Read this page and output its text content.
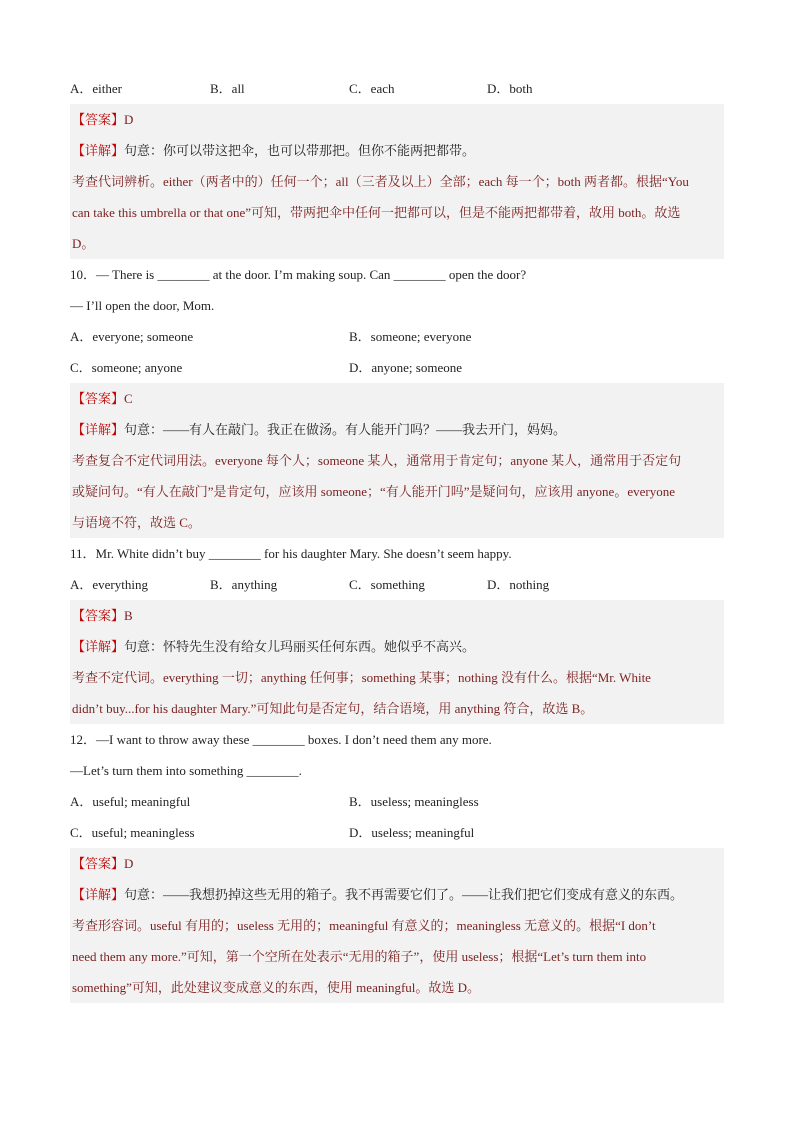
A．either	B．all	C．each	D．both
【答案】D
【详解】句意：你可以带这把伞，也可以带那把。但你不能两把都带。
考查代词辨析。either（两者中的）任何一个；all（三者及以上）全部；each 每一个；both 两者都。根据“You
can take this umbrella or that one”可知，带两把伞中任何一把都可以，但是不能两把都带着，故用 both。故选
D。
10．— There is ________ at the door. I’m making soup. Can ________ open the door?
— I’ll open the door, Mom.
A．everyone; someone	B．someone; everyone
C．someone; anyone	D．anyone; someone
【答案】C
【详解】句意：——有人在敲门。我正在做汤。有人能开门吗？——我去开门，妈妈。
考查复合不定代词用法。everyone 每个人；someone 某人，通常用于肯定句；anyone 某人，通常用于否定句
或疑问句。“有人在敲门”是肯定句，应该用 someone；“有人能开门吗”是疑问句，应该用 anyone。everyone
与语境不符，故选 C。
11．Mr. White didn’t buy ________ for his daughter Mary. She doesn’t seem happy.
A．everything	B．anything	C．something	D．nothing
【答案】B
【详解】句意：怀特先生没有给女儿玛丽买任何东西。她似乎不高兴。
考查不定代词。everything 一切；anything 任何事；something 某事；nothing 没有什么。根据“Mr. White
didn’t buy...for his daughter Mary.”可知此句是否定句，结合语境，用 anything 符合，故选 B。
12．—I want to throw away these ________ boxes. I don’t need them any more.
—Let’s turn them into something ________.
A．useful; meaningful	B．useless; meaningless
C．useful; meaningless	D．useless; meaningful
【答案】D
【详解】句意：——我想扔掉这些无用的箱子。我不再需要它们了。——让我们把它们变成有意义的东西。
考查形容词。useful 有用的；useless 无用的；meaningful 有意义的；meaningless 无意义的。根据“I don’t
need them any more.”可知，第一个空所在处表示“无用的箱子”，使用 useless；根据“Let’s turn them into
something”可知，此处建议变成意义的东西，使用 meaningful。故选 D。
